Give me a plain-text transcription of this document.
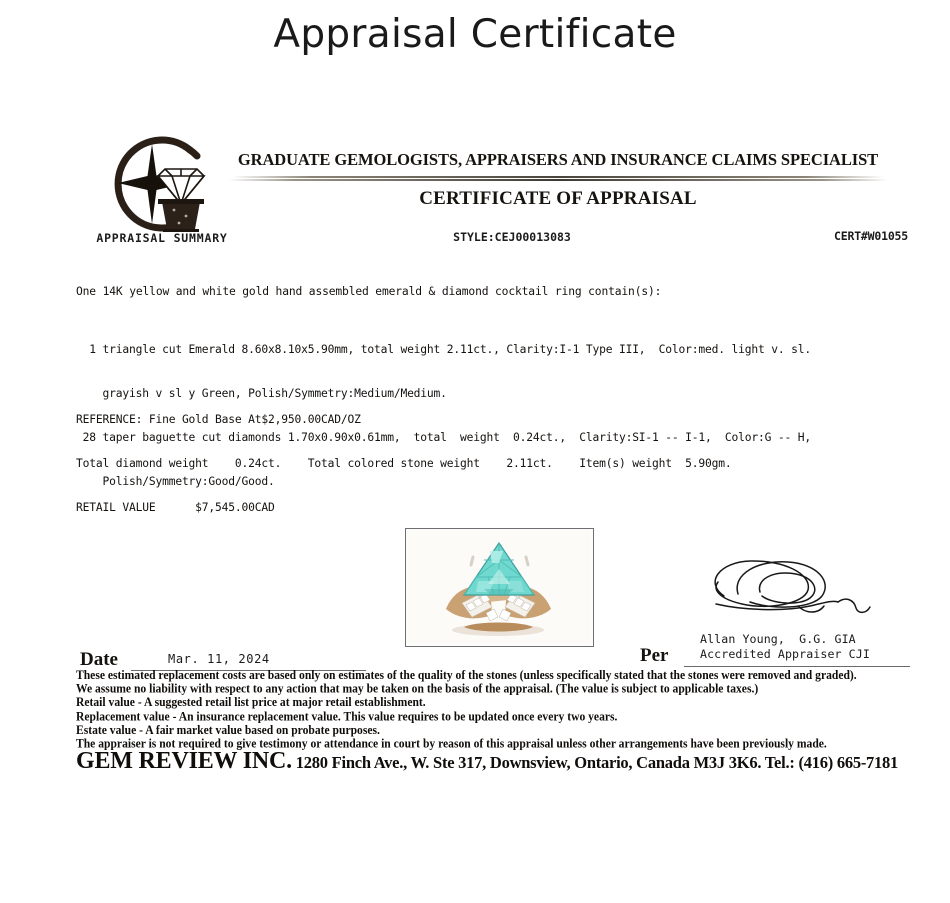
Appraisal Certificate
APPRAISAL SUMMARY
GRADUATE GEMOLOGISTS, APPRAISERS AND INSURANCE CLAIMS SPECIALIST
CERTIFICATE OF APPRAISAL
STYLE:CEJ00013083	CERT#W01055
One 14K yellow and white gold hand assembled emerald & diamond cocktail ring contain(s):

1 triangle cut Emerald 8.60x8.10x5.90mm, total weight 2.11ct., Clarity:I-1 Type III,  Color:med. light v. sl.

grayish v sl y Green, Polish/Symmetry:Medium/Medium.

28 taper baguette cut diamonds 1.70x0.90x0.61mm,  total  weight  0.24ct.,  Clarity:SI-1 -- I-1,  Color:G -- H,

Polish/Symmetry:Good/Good.

REFERENCE: Fine Gold Base At$2,950.00CAD/OZ

Total diamond weight    0.24ct.    Total colored stone weight    2.11ct.    Item(s) weight  5.90gm.

RETAIL VALUE      $7,545.00CAD

Allan Young,  G.G. GIA
Accredited Appraiser CJI
Date	Mar. 11, 2024	Per
These estimated replacement costs are based only on estimates of the quality of the stones (unless specifically stated that the stones were removed and graded).
We assume no liability with respect to any action that may be taken on the basis of the appraisal. (The value is subject to applicable taxes.)
Retail value - A suggested retail list price at major retail establishment.
Replacement value - An insurance replacement value. This value requires to be updated once every two years.
Estate value - A fair market value based on probate purposes.
The appraiser is not required to give testimony or attendance in court by reason of this appraisal unless other arrangements have been previously made.
GEM REVIEW INC. 1280 Finch Ave., W. Ste 317, Downsview, Ontario, Canada M3J 3K6. Tel.: (416) 665-7181
